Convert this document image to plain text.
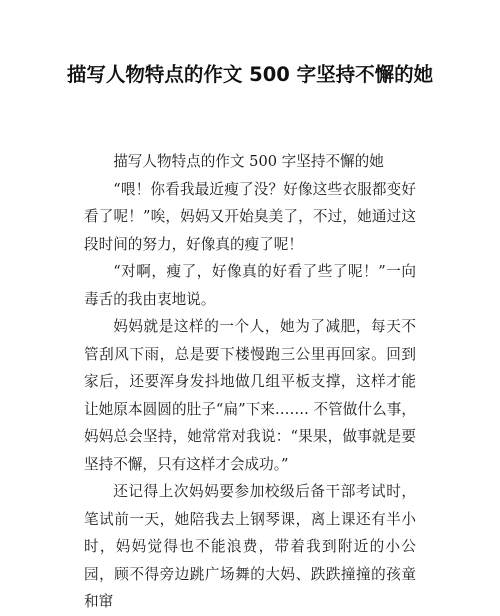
描写人物特点的作文 500 字坚持不懈的她

描写人物特点的作文 500 字坚持不懈的她

“喂！你看我最近瘦了没？好像这些衣服都变好看了呢！”唉，妈妈又开始臭美了，不过，她通过这段时间的努力，好像真的瘦了呢！

“对啊，瘦了，好像真的好看了些了呢！”一向毒舌的我由衷地说。

妈妈就是这样的一个人，她为了减肥，每天不管刮风下雨，总是要下楼慢跑三公里再回家。回到家后，还要浑身发抖地做几组平板支撑，这样才能让她原本圆圆的肚子“扁”下来……. 不管做什么事，妈妈总会坚持，她常常对我说：“果果，做事就是要坚持不懈，只有这样才会成功。”

还记得上次妈妈要参加校级后备干部考试时，笔试前一天，她陪我去上钢琴课，离上课还有半小时，妈妈觉得也不能浪费，带着我到附近的小公园，顾不得旁边跳广场舞的大妈、跌跌撞撞的孩童和窜
